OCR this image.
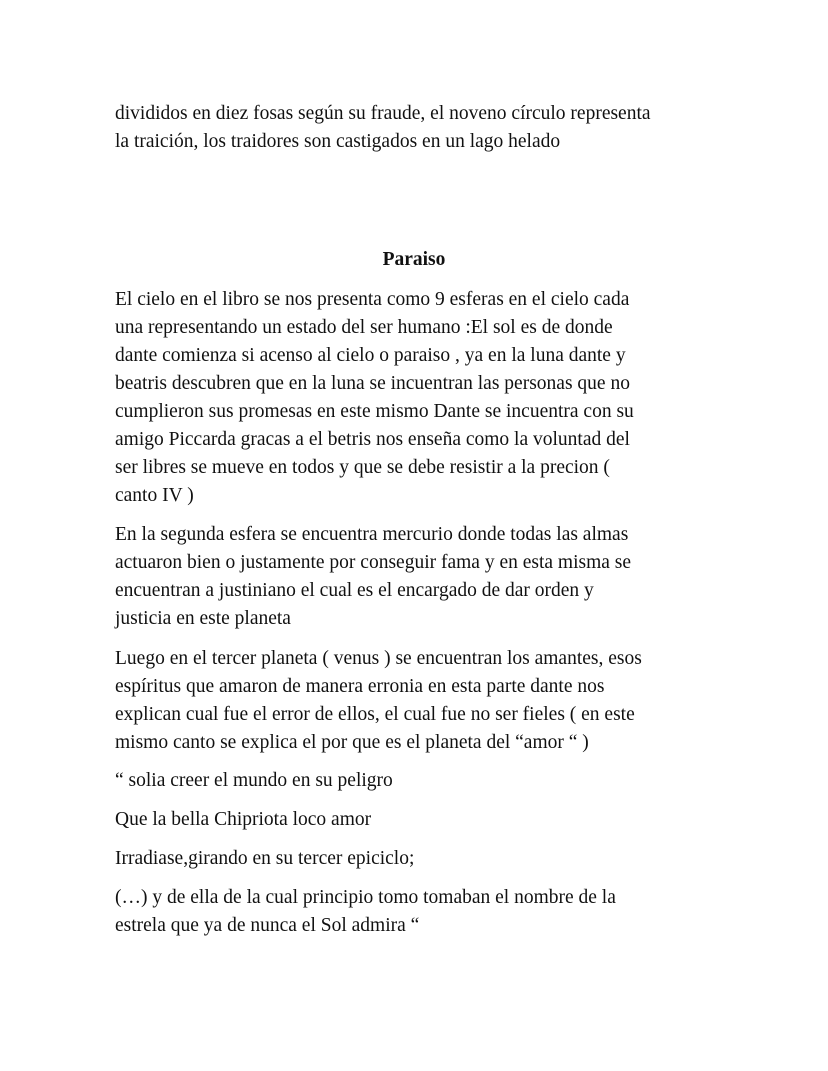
divididos en diez fosas según su fraude, el noveno círculo representa
la traición, los traidores son castigados en un lago helado
Paraiso
El cielo en el libro se nos presenta como 9 esferas en el cielo cada
una representando un estado del ser humano :El sol es de donde
dante comienza si acenso al cielo o paraiso , ya en la luna dante y
beatris descubren que en la luna se incuentran las personas que no
cumplieron sus promesas en este mismo Dante se incuentra con su
amigo Piccarda gracas a el betris nos enseña como la voluntad del
ser libres se mueve en todos y que se debe resistir a la precion (
canto IV )
En la segunda esfera se encuentra mercurio donde todas las almas
actuaron bien o justamente por conseguir fama y en esta misma se
encuentran a justiniano el cual es el encargado de dar orden y
justicia en este planeta
Luego en el tercer planeta ( venus ) se encuentran los amantes, esos
espíritus que amaron de manera erronia en esta parte dante nos
explican cual fue el error de ellos, el cual fue no ser fieles ( en este
mismo canto se explica el por que es el planeta del “amor “ )
“ solia creer el mundo en su peligro
Que la bella Chipriota loco amor
Irradiase,girando en su tercer epiciclo;
(…) y de ella de la cual principio tomo tomaban el nombre de la
estrela que ya de nunca el Sol admira “
